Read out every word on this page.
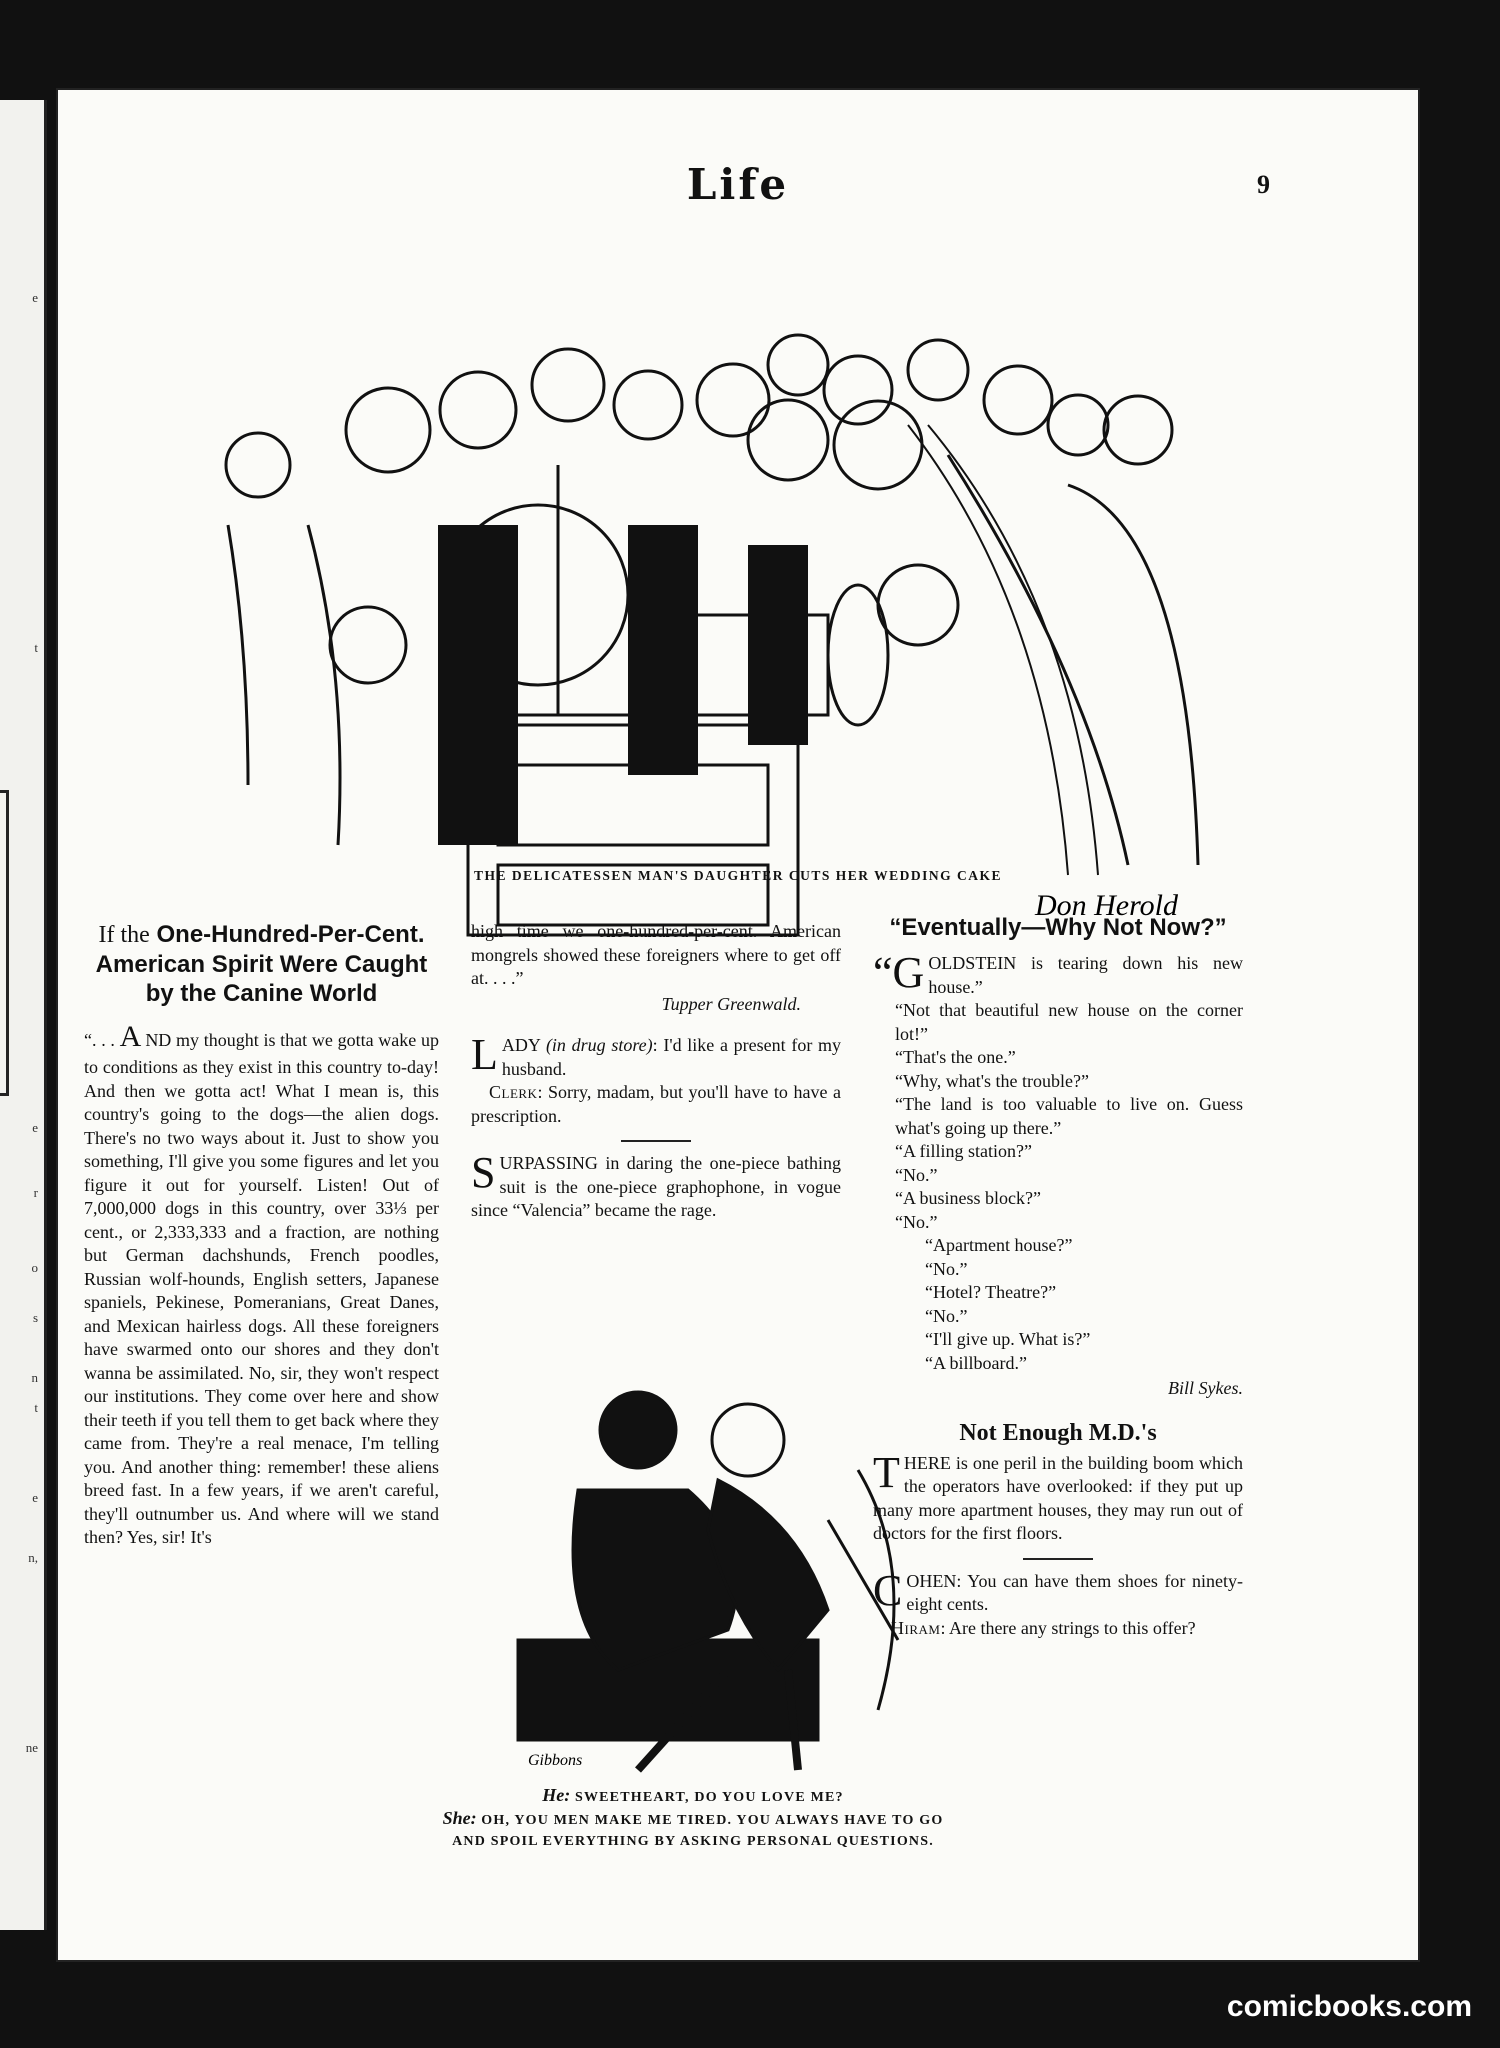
e
t
e
r
o
s
n
t
e
n,
ne
Life	9
Don Herold
THE DELICATESSEN MAN'S DAUGHTER CUTS HER WEDDING CAKE
If the One-Hundred-Per-Cent. American Spirit Were Caught by the Canine World

“. . . A ND my thought is that we gotta wake up to conditions as they exist in this country to-day! And then we gotta act! What I mean is, this country's going to the dogs—the alien dogs. There's no two ways about it. Just to show you something, I'll give you some figures and let you figure it out for yourself. Listen! Out of 7,000,000 dogs in this country, over 33⅓ per cent., or 2,333,333 and a fraction, are nothing but German dachshunds, French poodles, Russian wolf-hounds, English setters, Japanese spaniels, Pekinese, Pomeranians, Great Danes, and Mexican hairless dogs. All these foreigners have swarmed onto our shores and they don't wanna be assimilated. No, sir, they won't respect our institutions. They come over here and show their teeth if you tell them to get back where they came from. They're a real menace, I'm telling you. And another thing: remember! these aliens breed fast. In a few years, if we aren't careful, they'll outnumber us. And where will we stand then? Yes, sir! It's

high time we one-hundred-per-cent. American mongrels showed these foreigners where to get off at. . . .”

Tupper Greenwald.

LADY (in drug store): I'd like a present for my husband.

Clerk: Sorry, madam, but you'll have to have a prescription.

SURPASSING in daring the one-piece bathing suit is the one-piece graphophone, in vogue since “Valencia” became the rage.

Gibbons
He: SWEETHEART, DO YOU LOVE ME?
She: OH, YOU MEN MAKE ME TIRED. YOU ALWAYS HAVE TO GO AND SPOIL EVERYTHING BY ASKING PERSONAL QUESTIONS.
“Eventually—Why Not Now?”

“GOLDSTEIN is tearing down his new house.”

“Not that beautiful new house on the corner lot!”

“That's the one.”

“Why, what's the trouble?”

“The land is too valuable to live on. Guess what's going up there.”

“A filling station?”

“No.”

“A business block?”

“No.”

“Apartment house?”

“No.”

“Hotel? Theatre?”

“No.”

“I'll give up. What is?”

“A billboard.”

Bill Sykes.
Not Enough M.D.'s

THERE is one peril in the building boom which the operators have overlooked: if they put up many more apartment houses, they may run out of doctors for the first floors.

COHEN: You can have them shoes for ninety-eight cents.

Hiram: Are there any strings to this offer?

comicbooks.com
